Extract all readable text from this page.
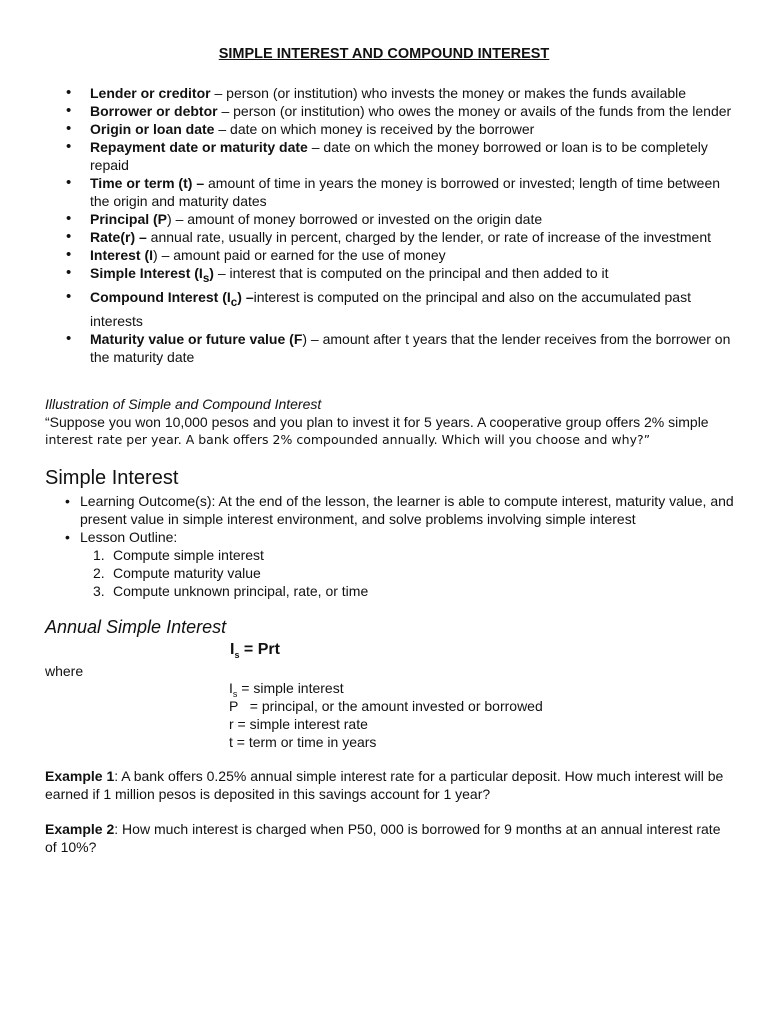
SIMPLE INTEREST AND COMPOUND INTEREST
• Lender or creditor – person (or institution) who invests the money or makes the funds available
• Borrower or debtor – person (or institution) who owes the money or avails of the funds from the lender
• Origin or loan date – date on which money is received by the borrower
• Repayment date or maturity date – date on which the money borrowed or loan is to be completely repaid
• Time or term (t) – amount of time in years the money is borrowed or invested; length of time between the origin and maturity dates
• Principal (P) – amount of money borrowed or invested on the origin date
• Rate(r) – annual rate, usually in percent, charged by the lender, or rate of increase of the investment
• Interest (I) – amount paid or earned for the use of money
• Simple Interest $(I_s)$ – interest that is computed on the principal and then added to it
• Compound Interest $(I_c)$ –interest is computed on the principal and also on the accumulated past interests
• Maturity value or future value (F) – amount after t years that the lender receives from the borrower on the maturity date
Illustration of Simple and Compound Interest
“Suppose you won 10,000 pesos and you plan to invest it for 5 years. A cooperative group offers 2% simple
interest rate per year. A bank offers 2% compounded annually. Which will you choose and why?”
Simple Interest
• Learning Outcome(s): At the end of the lesson, the learner is able to compute interest, maturity value, and present value in simple interest environment, and solve problems involving simple interest
• Lesson Outline:
1. Compute simple interest
2. Compute maturity value
3. Compute unknown principal, rate, or time
Annual Simple Interest
$I_s$ = Prt
where
$I_s$ = simple interest
P   = principal, or the amount invested or borrowed
r = simple interest rate
t = term or time in years
Example 1: A bank offers 0.25% annual simple interest rate for a particular deposit. How much interest will be earned if 1 million pesos is deposited in this savings account for 1 year?
Example 2: How much interest is charged when P50, 000 is borrowed for 9 months at an annual interest rate of 10%?
